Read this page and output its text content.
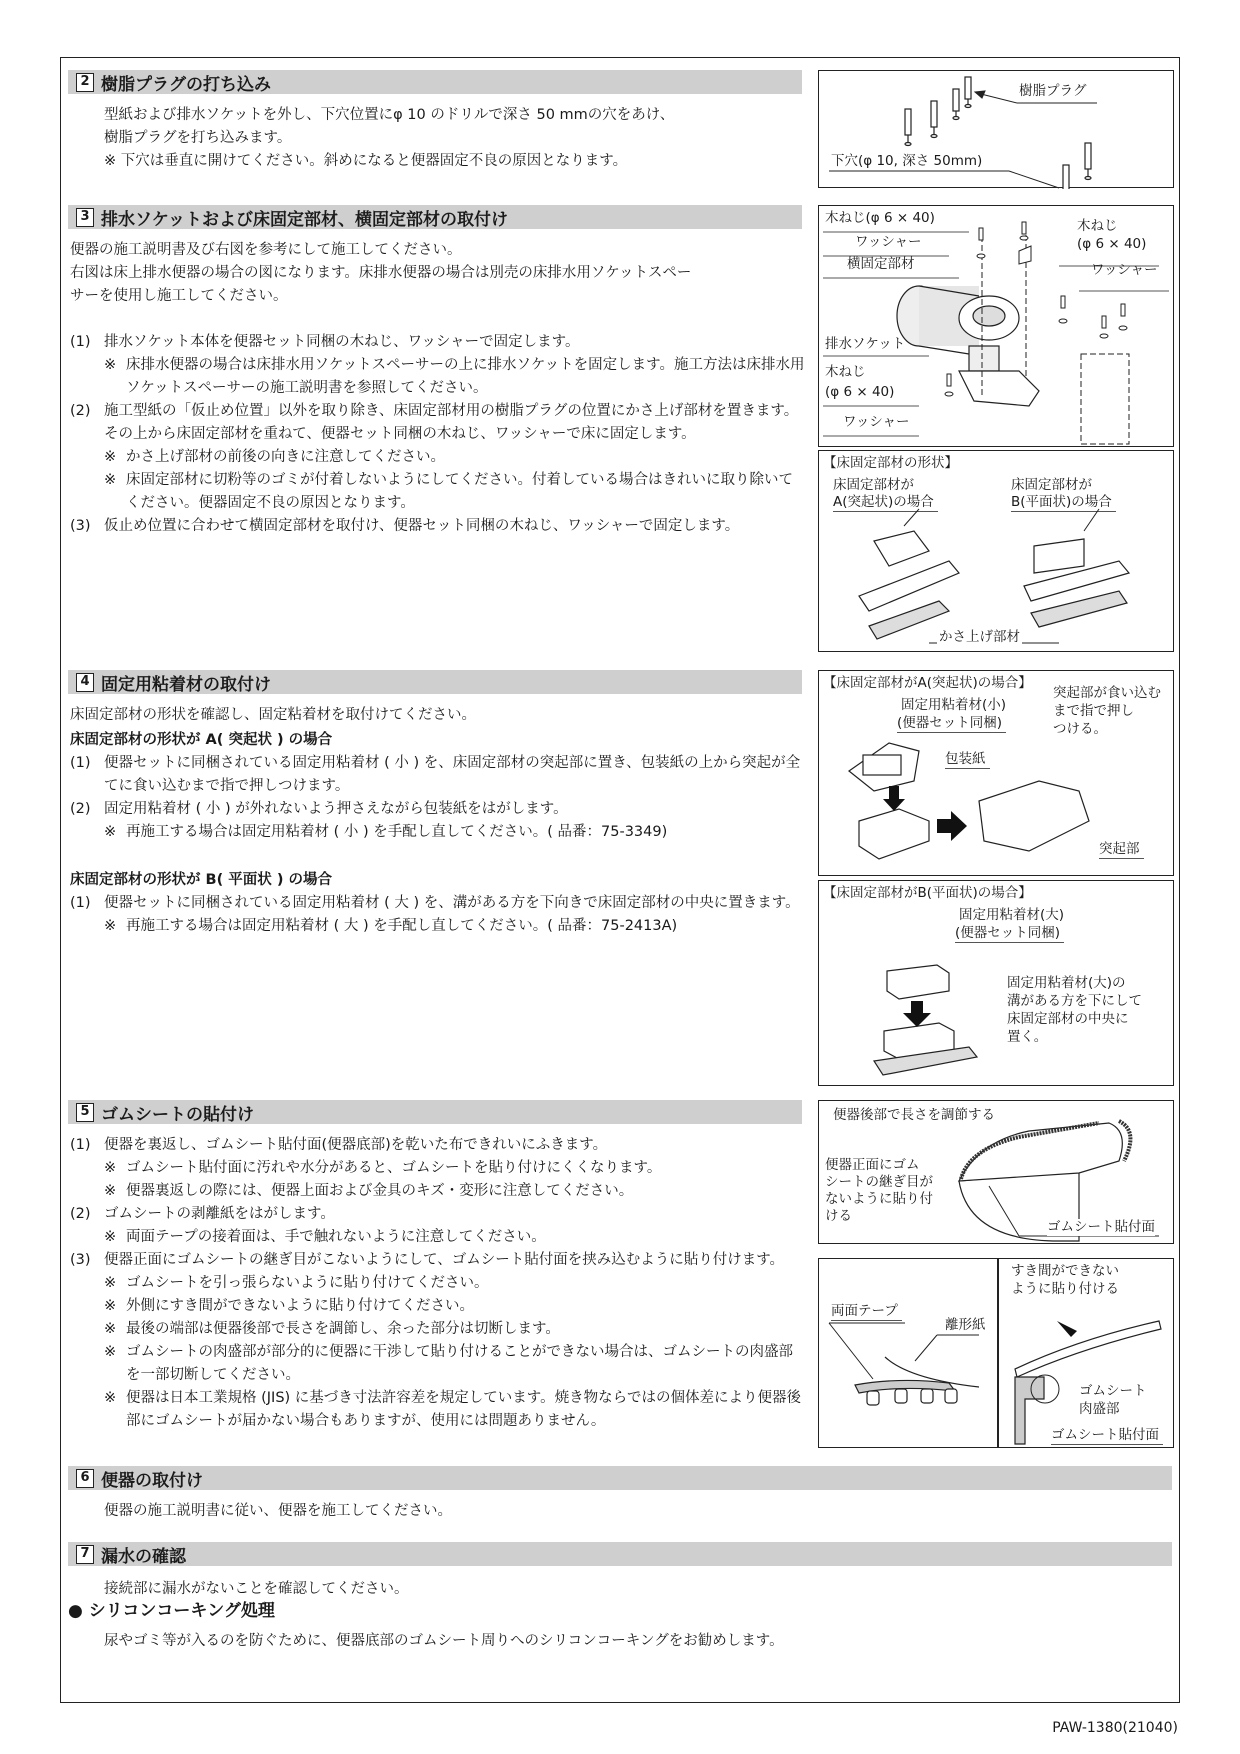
2 樹脂プラグの打ち込み

型紙および排水ソケットを外し、下穴位置にφ 10 のドリルで深さ 50 mmの穴をあけ、

樹脂プラグを打ち込みます。

※ 下穴は垂直に開けてください。斜めになると便器固定不良の原因となります。

樹脂プラグ
下穴(φ 10, 深さ 50mm)
3 排水ソケットおよび床固定部材、横固定部材の取付け

便器の施工説明書及び右図を参考にして施工してください。

右図は床上排水便器の場合の図になります。床排水便器の場合は別売の床排水用ソケットスペー

サーを使用し施工してください。

(1) 排水ソケット本体を便器セット同梱の木ねじ、ワッシャーで固定します。
※ 床排水便器の場合は床排水用ソケットスペーサーの上に排水ソケットを固定します。施工方法は床排水用ソケットスペーサーの施工説明書を参照してください。
(2) 施工型紙の「仮止め位置」以外を取り除き、床固定部材用の樹脂プラグの位置にかさ上げ部材を置きます。その上から床固定部材を重ねて、便器セット同梱の木ねじ、ワッシャーで床に固定します。
※ かさ上げ部材の前後の向きに注意してください。
※ 床固定部材に切粉等のゴミが付着しないようにしてください。付着している場合はきれいに取り除いてください。便器固定不良の原因となります。
(3) 仮止め位置に合わせて横固定部材を取付け、便器セット同梱の木ねじ、ワッシャーで固定します。
木ねじ(φ 6 × 40)
ワッシャー
横固定部材
木ねじ
(φ 6 × 40)
ワッシャー
排水ソケット
木ねじ
(φ 6 × 40)
ワッシャー
【床固定部材の形状】
床固定部材が
A(突起状)の場合
床固定部材が
B(平面状)の場合
かさ上げ部材
4 固定用粘着材の取付け

床固定部材の形状を確認し、固定粘着材を取付けてください。

床固定部材の形状が A( 突起状 ) の場合

(1) 便器セットに同梱されている固定用粘着材 ( 小 ) を、床固定部材の突起部に置き、包装紙の上から突起が全てに食い込むまで指で押しつけます。
(2) 固定用粘着材 ( 小 ) が外れないよう押さえながら包装紙をはがします。
※ 再施工する場合は固定用粘着材 ( 小 ) を手配し直してください。( 品番：75-3349)

床固定部材の形状が B( 平面状 ) の場合

(1) 便器セットに同梱されている固定用粘着材 ( 大 ) を、溝がある方を下向きで床固定部材の中央に置きます。
※ 再施工する場合は固定用粘着材 ( 大 ) を手配し直してください。( 品番：75-2413A)
【床固定部材がA(突起状)の場合】
固定用粘着材(小)
(便器セット同梱)
突起部が食い込む
まで指で押し
つける。
包装紙
突起部
【床固定部材がB(平面状)の場合】
固定用粘着材(大)
(便器セット同梱)
固定用粘着材(大)の
溝がある方を下にして
床固定部材の中央に
置く。
5 ゴムシートの貼付け
(1) 便器を裏返し、ゴムシート貼付面(便器底部)を乾いた布できれいにふきます。
※ ゴムシート貼付面に汚れや水分があると、ゴムシートを貼り付けにくくなります。
※ 便器裏返しの際には、便器上面および金具のキズ・変形に注意してください。
(2) ゴムシートの剥離紙をはがします。
※ 両面テープの接着面は、手で触れないように注意してください。
(3) 便器正面にゴムシートの継ぎ目がこないようにして、ゴムシート貼付面を挟み込むように貼り付けます。
※ ゴムシートを引っ張らないように貼り付けてください。
※ 外側にすき間ができないように貼り付けてください。
※ 最後の端部は便器後部で長さを調節し、余った部分は切断します。
※ ゴムシートの肉盛部が部分的に便器に干渉して貼り付けることができない場合は、ゴムシートの肉盛部を一部切断してください。
※ 便器は日本工業規格 (JIS) に基づき寸法許容差を規定しています。焼き物ならではの個体差により便器後部にゴムシートが届かない場合もありますが、使用には問題ありません。
便器後部で長さを調節する
便器正面にゴム
シートの継ぎ目が
ないように貼り付
ける
ゴムシート貼付面
両面テープ
離形紙
すき間ができない
ように貼り付ける
ゴムシート
肉盛部
ゴムシート貼付面
6 便器の取付け

便器の施工説明書に従い、便器を施工してください。

7 漏水の確認

接続部に漏水がないことを確認してください。

● シリコンコーキング処理

尿やゴミ等が入るのを防ぐために、便器底部のゴムシート周りへのシリコンコーキングをお勧めします。

PAW-1380(21040)
